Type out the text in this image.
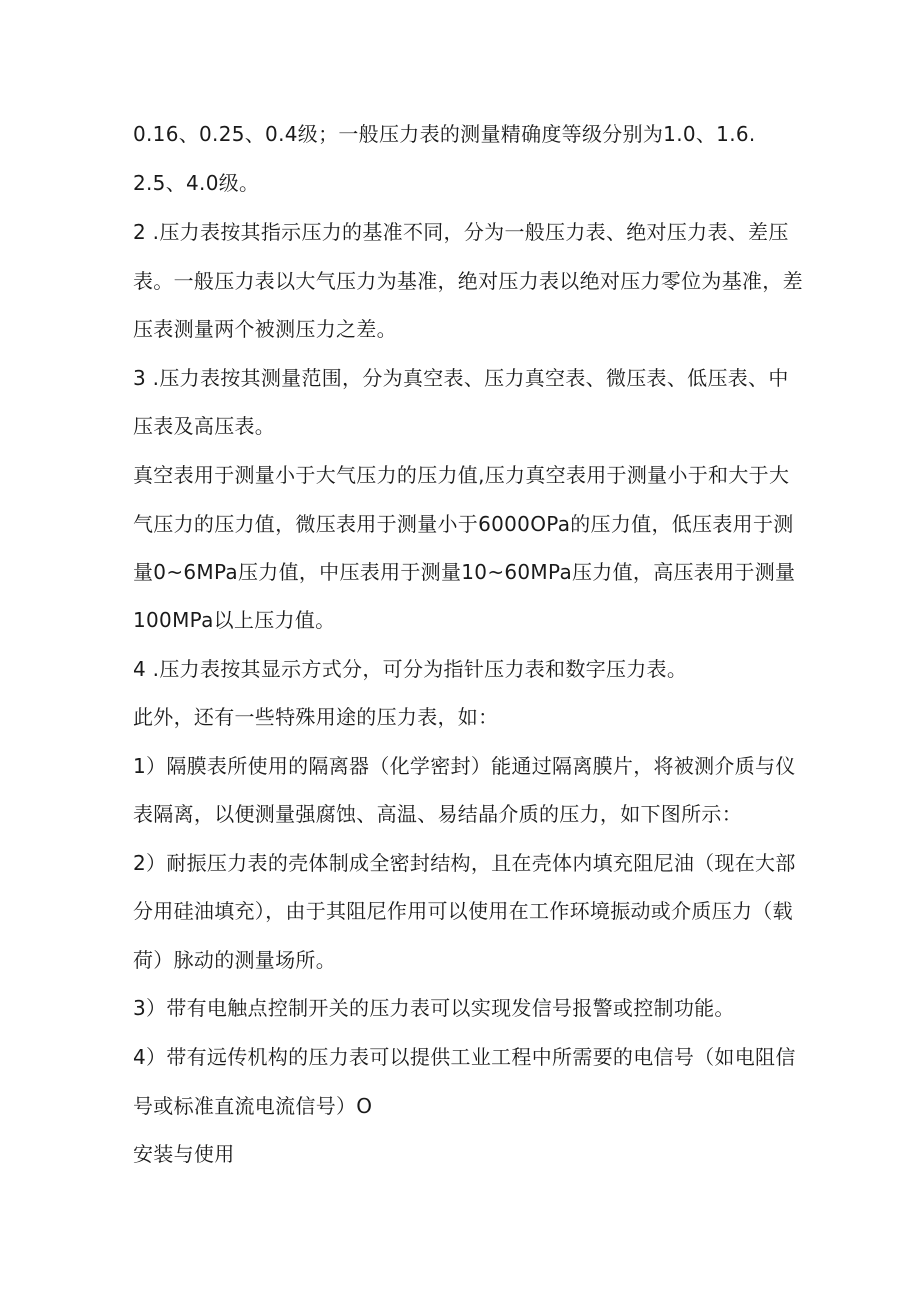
0.16、0.25、0.4级；一般压力表的测量精确度等级分别为1.0、1.6.
2.5、4.0级。
2 .压力表按其指示压力的基准不同，分为一般压力表、绝对压力表、差压
表。一般压力表以大气压力为基准，绝对压力表以绝对压力零位为基准，差
压表测量两个被测压力之差。
3 .压力表按其测量范围，分为真空表、压力真空表、微压表、低压表、中
压表及高压表。
真空表用于测量小于大气压力的压力值,压力真空表用于测量小于和大于大
气压力的压力值，微压表用于测量小于6000OPa的压力值，低压表用于测
量0~6MPa压力值，中压表用于测量10~60MPa压力值，高压表用于测量
100MPa以上压力值。
4 .压力表按其显示方式分，可分为指针压力表和数字压力表。
此外，还有一些特殊用途的压力表，如：
1）隔膜表所使用的隔离器（化学密封）能通过隔离膜片，将被测介质与仪
表隔离，以便测量强腐蚀、高温、易结晶介质的压力，如下图所示：
2）耐振压力表的壳体制成全密封结构，且在壳体内填充阻尼油（现在大部
分用硅油填充），由于其阻尼作用可以使用在工作环境振动或介质压力（载
荷）脉动的测量场所。
3）带有电触点控制开关的压力表可以实现发信号报警或控制功能。
4）带有远传机构的压力表可以提供工业工程中所需要的电信号（如电阻信
号或标准直流电流信号）O
安装与使用
